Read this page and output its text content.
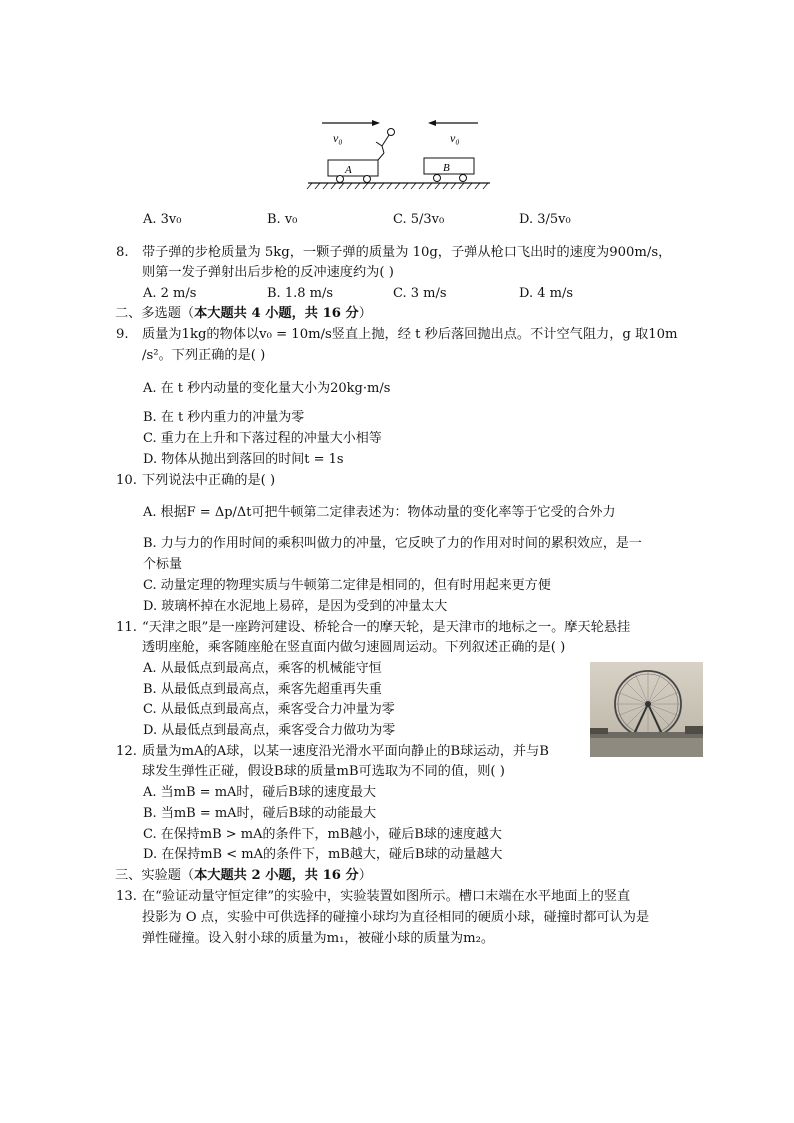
v₀	v₀
A	B
A. 3v₀	B. v₀	C. 5/3v₀	D. 3/5v₀
8. 带子弹的步枪质量为 5kg，一颗子弹的质量为 10g，子弹从枪口飞出时的速度为900m/s，
则第一发子弹射出后步枪的反冲速度约为( )
A. 2 m/s	B. 1.8 m/s	C. 3 m/s	D. 4 m/s
二、多选题（本大题共 4 小题，共 16 分）
9. 质量为1kg的物体以v₀ = 10m/s竖直上抛，经 t 秒后落回抛出点。不计空气阻力，g 取10m
/s²。下列正确的是( )
A. 在 t 秒内动量的变化量大小为20kg·m/s
B. 在 t 秒内重力的冲量为零
C. 重力在上升和下落过程的冲量大小相等
D. 物体从抛出到落回的时间t = 1s
10. 下列说法中正确的是( )
A. 根据F = Δp/Δt可把牛顿第二定律表述为：物体动量的变化率等于它受的合外力
B. 力与力的作用时间的乘积叫做力的冲量，它反映了力的作用对时间的累积效应，是一
个标量
C. 动量定理的物理实质与牛顿第二定律是相同的，但有时用起来更方便
D. 玻璃杯掉在水泥地上易碎，是因为受到的冲量太大
11. “天津之眼”是一座跨河建设、桥轮合一的摩天轮，是天津市的地标之一。摩天轮悬挂
透明座舱，乘客随座舱在竖直面内做匀速圆周运动。下列叙述正确的是( )
A. 从最低点到最高点，乘客的机械能守恒
B. 从最低点到最高点，乘客先超重再失重
C. 从最低点到最高点，乘客受合力冲量为零
D. 从最低点到最高点，乘客受合力做功为零
12. 质量为mA的A球，以某一速度沿光滑水平面向静止的B球运动，并与B
球发生弹性正碰，假设B球的质量mB可选取为不同的值，则( )
A. 当mB = mA时，碰后B球的速度最大
B. 当mB = mA时，碰后B球的动能最大
C. 在保持mB > mA的条件下，mB越小，碰后B球的速度越大
D. 在保持mB < mA的条件下，mB越大，碰后B球的动量越大
三、实验题（本大题共 2 小题，共 16 分）
13. 在“验证动量守恒定律”的实验中，实验装置如图所示。槽口末端在水平地面上的竖直
投影为 O 点，实验中可供选择的碰撞小球均为直径相同的硬质小球，碰撞时都可认为是
弹性碰撞。设入射小球的质量为m₁，被碰小球的质量为m₂。
